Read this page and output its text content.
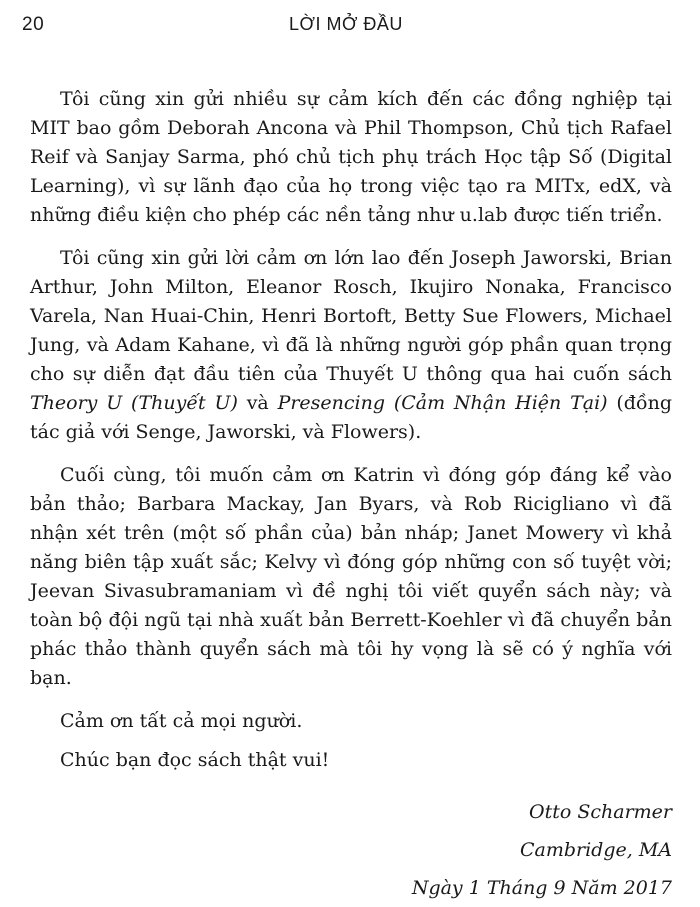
20	LỜI MỞ ĐẦU

Tôi cũng xin gửi nhiều sự cảm kích đến các đồng nghiệp tại MIT bao gồm Deborah Ancona và Phil Thompson, Chủ tịch Rafael Reif và Sanjay Sarma, phó chủ tịch phụ trách Học tập Số (Digital Learning), vì sự lãnh đạo của họ trong việc tạo ra MITx, edX, và những điều kiện cho phép các nền tảng như u.lab được tiến triển.

Tôi cũng xin gửi lời cảm ơn lớn lao đến Joseph Jaworski, Brian Arthur, John Milton, Eleanor Rosch, Ikujiro Nonaka, Francisco Varela, Nan Huai-Chin, Henri Bortoft, Betty Sue Flowers, Michael Jung, và Adam Kahane, vì đã là những người góp phần quan trọng cho sự diễn đạt đầu tiên của Thuyết U thông qua hai cuốn sách Theory U (Thuyết U) và Presencing (Cảm Nhận Hiện Tại) (đồng tác giả với Senge, Jaworski, và Flowers).

Cuối cùng, tôi muốn cảm ơn Katrin vì đóng góp đáng kể vào bản thảo; Barbara Mackay, Jan Byars, và Rob Ricigliano vì đã nhận xét trên (một số phần của) bản nháp; Janet Mowery vì khả năng biên tập xuất sắc; Kelvy vì đóng góp những con số tuyệt vời; Jeevan Sivasubramaniam vì đề nghị tôi viết quyển sách này; và toàn bộ đội ngũ tại nhà xuất bản Berrett-Koehler vì đã chuyển bản phác thảo thành quyển sách mà tôi hy vọng là sẽ có ý nghĩa với bạn.

Cảm ơn tất cả mọi người.

Chúc bạn đọc sách thật vui!

Otto Scharmer
Cambridge, MA
Ngày 1 Tháng 9 Năm 2017
